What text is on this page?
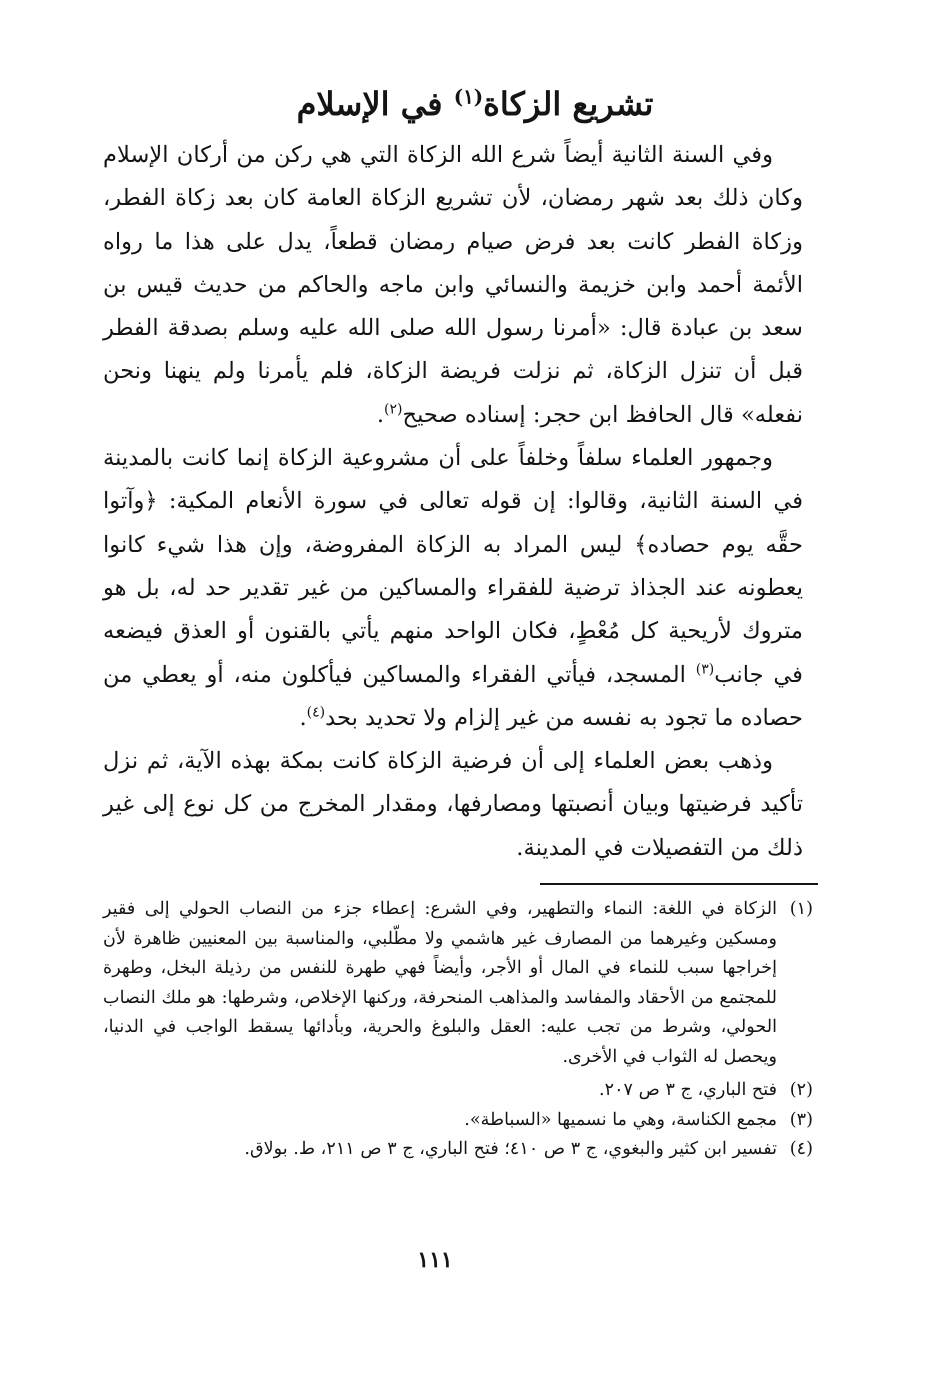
تشريع الزكاة$^{(١)}$ في الإسلام

وفي السنة الثانية أيضاً شرع الله الزكاة التي هي ركن من أركان الإسلام وكان ذلك بعد شهر رمضان، لأن تشريع الزكاة العامة كان بعد زكاة الفطر، وزكاة الفطر كانت بعد فرض صيام رمضان قطعاً، يدل على هذا ما رواه الأئمة أحمد وابن خزيمة والنسائي وابن ماجه والحاكم من حديث قيس بن سعد بن عبادة قال: «أمرنا رسول الله صلى الله عليه وسلم بصدقة الفطر قبل أن تنزل الزكاة، ثم نزلت فريضة الزكاة، فلم يأمرنا ولم ينهنا ونحن نفعله» قال الحافظ ابن حجر: إسناده صحيح$^{(٢)}$.

وجمهور العلماء سلفاً وخلفاً على أن مشروعية الزكاة إنما كانت بالمدينة في السنة الثانية، وقالوا: إن قوله تعالى في سورة الأنعام المكية: ﴿وآتوا حقَّه يوم حصاده﴾ ليس المراد به الزكاة المفروضة، وإن هذا شيء كانوا يعطونه عند الجذاذ ترضية للفقراء والمساكين من غير تقدير حد له، بل هو متروك لأريحية كل مُعْطٍ، فكان الواحد منهم يأتي بالقنون أو العذق فيضعه في جانب$^{(٣)}$ المسجد، فيأتي الفقراء والمساكين فيأكلون منه، أو يعطي من حصاده ما تجود به نفسه من غير إلزام ولا تحديد بحد$^{(٤)}$.

وذهب بعض العلماء إلى أن فرضية الزكاة كانت بمكة بهذه الآية، ثم نزل تأكيد فرضيتها وبيان أنصبتها ومصارفها، ومقدار المخرج من كل نوع إلى غير ذلك من التفصيلات في المدينة.

(١)
الزكاة في اللغة: النماء والتطهير، وفي الشرع: إعطاء جزء من النصاب الحولي إلى فقير ومسكين وغيرهما من المصارف غير هاشمي ولا مطّلبي، والمناسبة بين المعنيين ظاهرة لأن إخراجها سبب للنماء في المال أو الأجر، وأيضاً فهي طهرة للنفس من رذيلة البخل، وطهرة للمجتمع من الأحقاد والمفاسد والمذاهب المنحرفة، وركنها الإخلاص، وشرطها: هو ملك النصاب الحولي، وشرط من تجب عليه: العقل والبلوغ والحرية، وبأدائها يسقط الواجب في الدنيا، ويحصل له الثواب في الأخرى.
(٢)
فتح الباري، ج ٣ ص ٢٠٧.
(٣)
مجمع الكناسة، وهي ما نسميها «السباطة».
(٤)
تفسير ابن كثير والبغوي، ج ٣ ص ٤١٠؛ فتح الباري، ج ٣ ص ٢١١، ط. بولاق.
١١١
